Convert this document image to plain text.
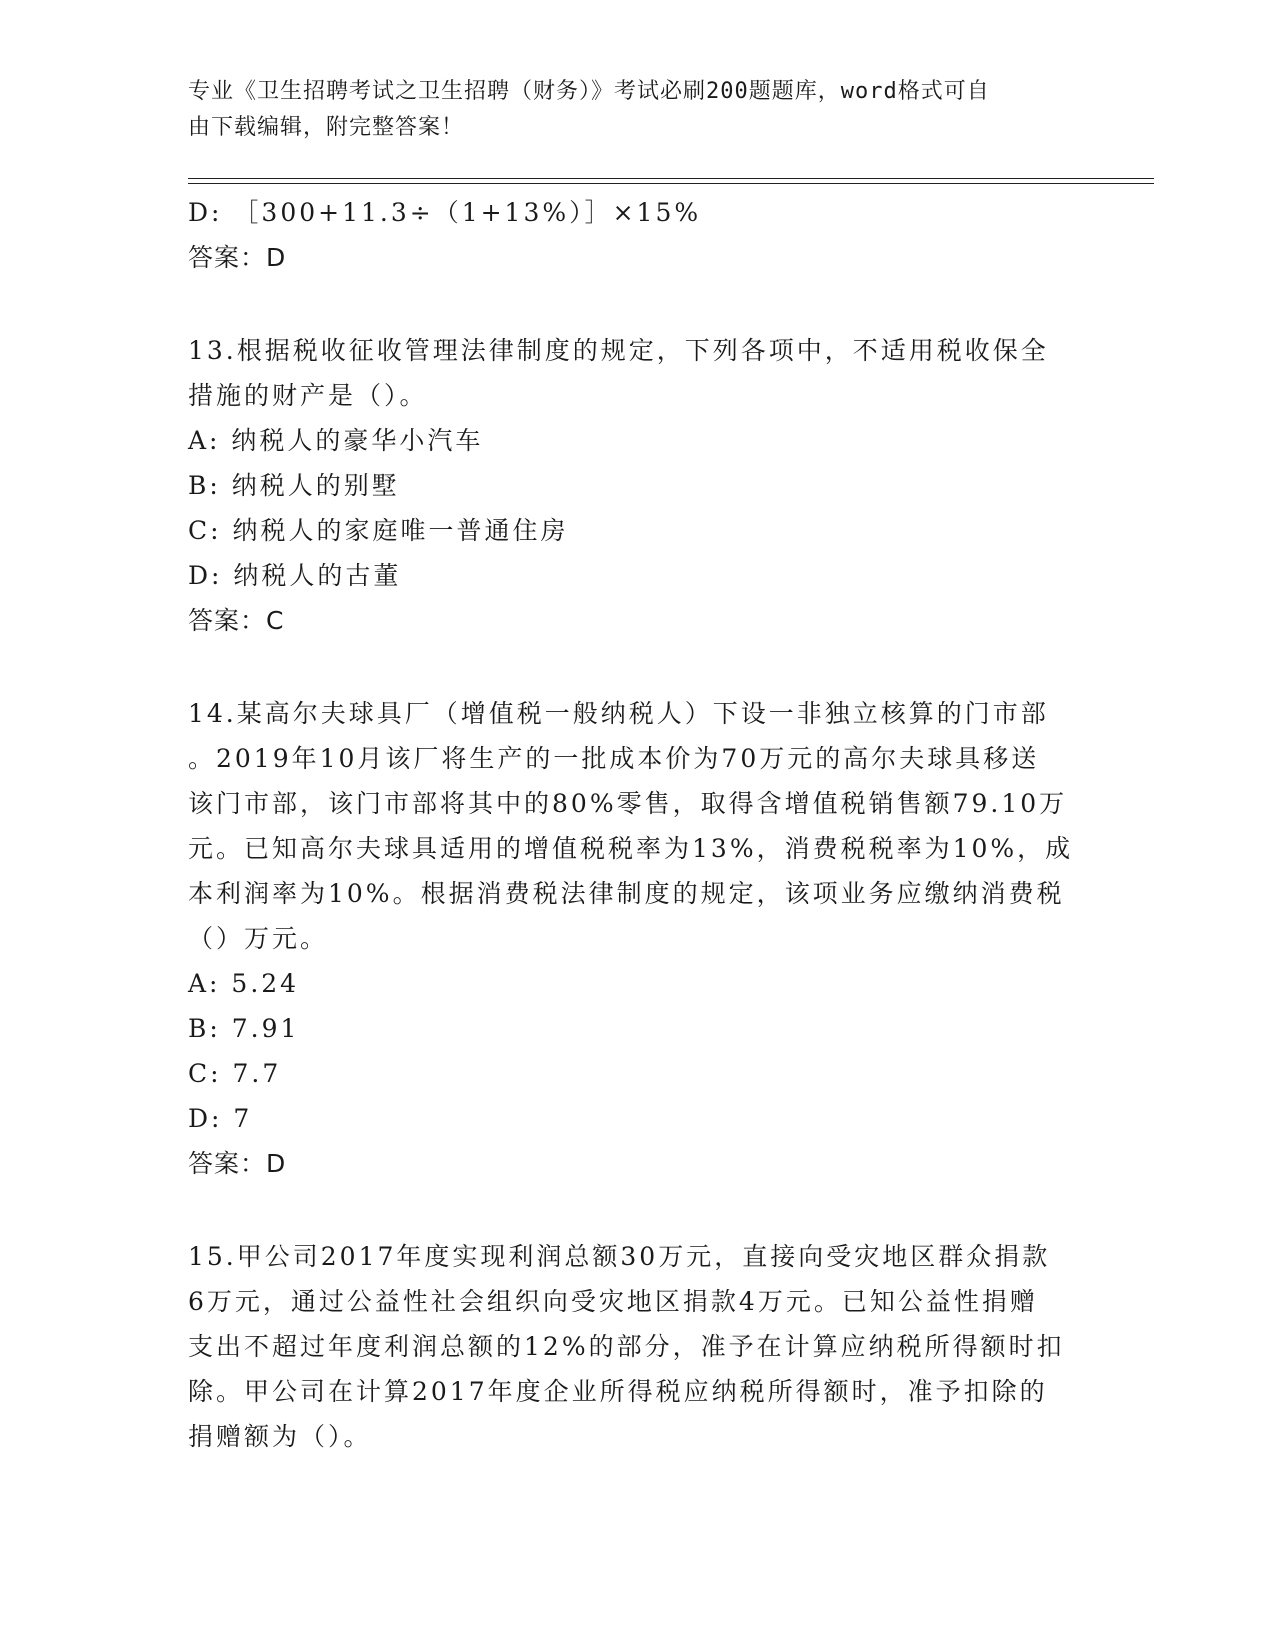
专业《卫生招聘考试之卫生招聘（财务）》考试必刷200题题库，word格式可自
由下载编辑，附完整答案！
D: ［300+11.3÷（1+13%）］×15%
答案：D
13.根据税收征收管理法律制度的规定，下列各项中，不适用税收保全
措施的财产是（）。
A: 纳税人的豪华小汽车
B: 纳税人的别墅
C: 纳税人的家庭唯一普通住房
D: 纳税人的古董
答案：C
14.某高尔夫球具厂（增值税一般纳税人）下设一非独立核算的门市部
。2019年10月该厂将生产的一批成本价为70万元的高尔夫球具移送
该门市部，该门市部将其中的80%零售，取得含增值税销售额79.10万
元。已知高尔夫球具适用的增值税税率为13%，消费税税率为10%，成
本利润率为10%。根据消费税法律制度的规定，该项业务应缴纳消费税
（）万元。
A: 5.24
B: 7.91
C: 7.7
D: 7
答案：D
15.甲公司2017年度实现利润总额30万元，直接向受灾地区群众捐款
6万元，通过公益性社会组织向受灾地区捐款4万元。已知公益性捐赠
支出不超过年度利润总额的12%的部分，准予在计算应纳税所得额时扣
除。甲公司在计算2017年度企业所得税应纳税所得额时，准予扣除的
捐赠额为（）。
